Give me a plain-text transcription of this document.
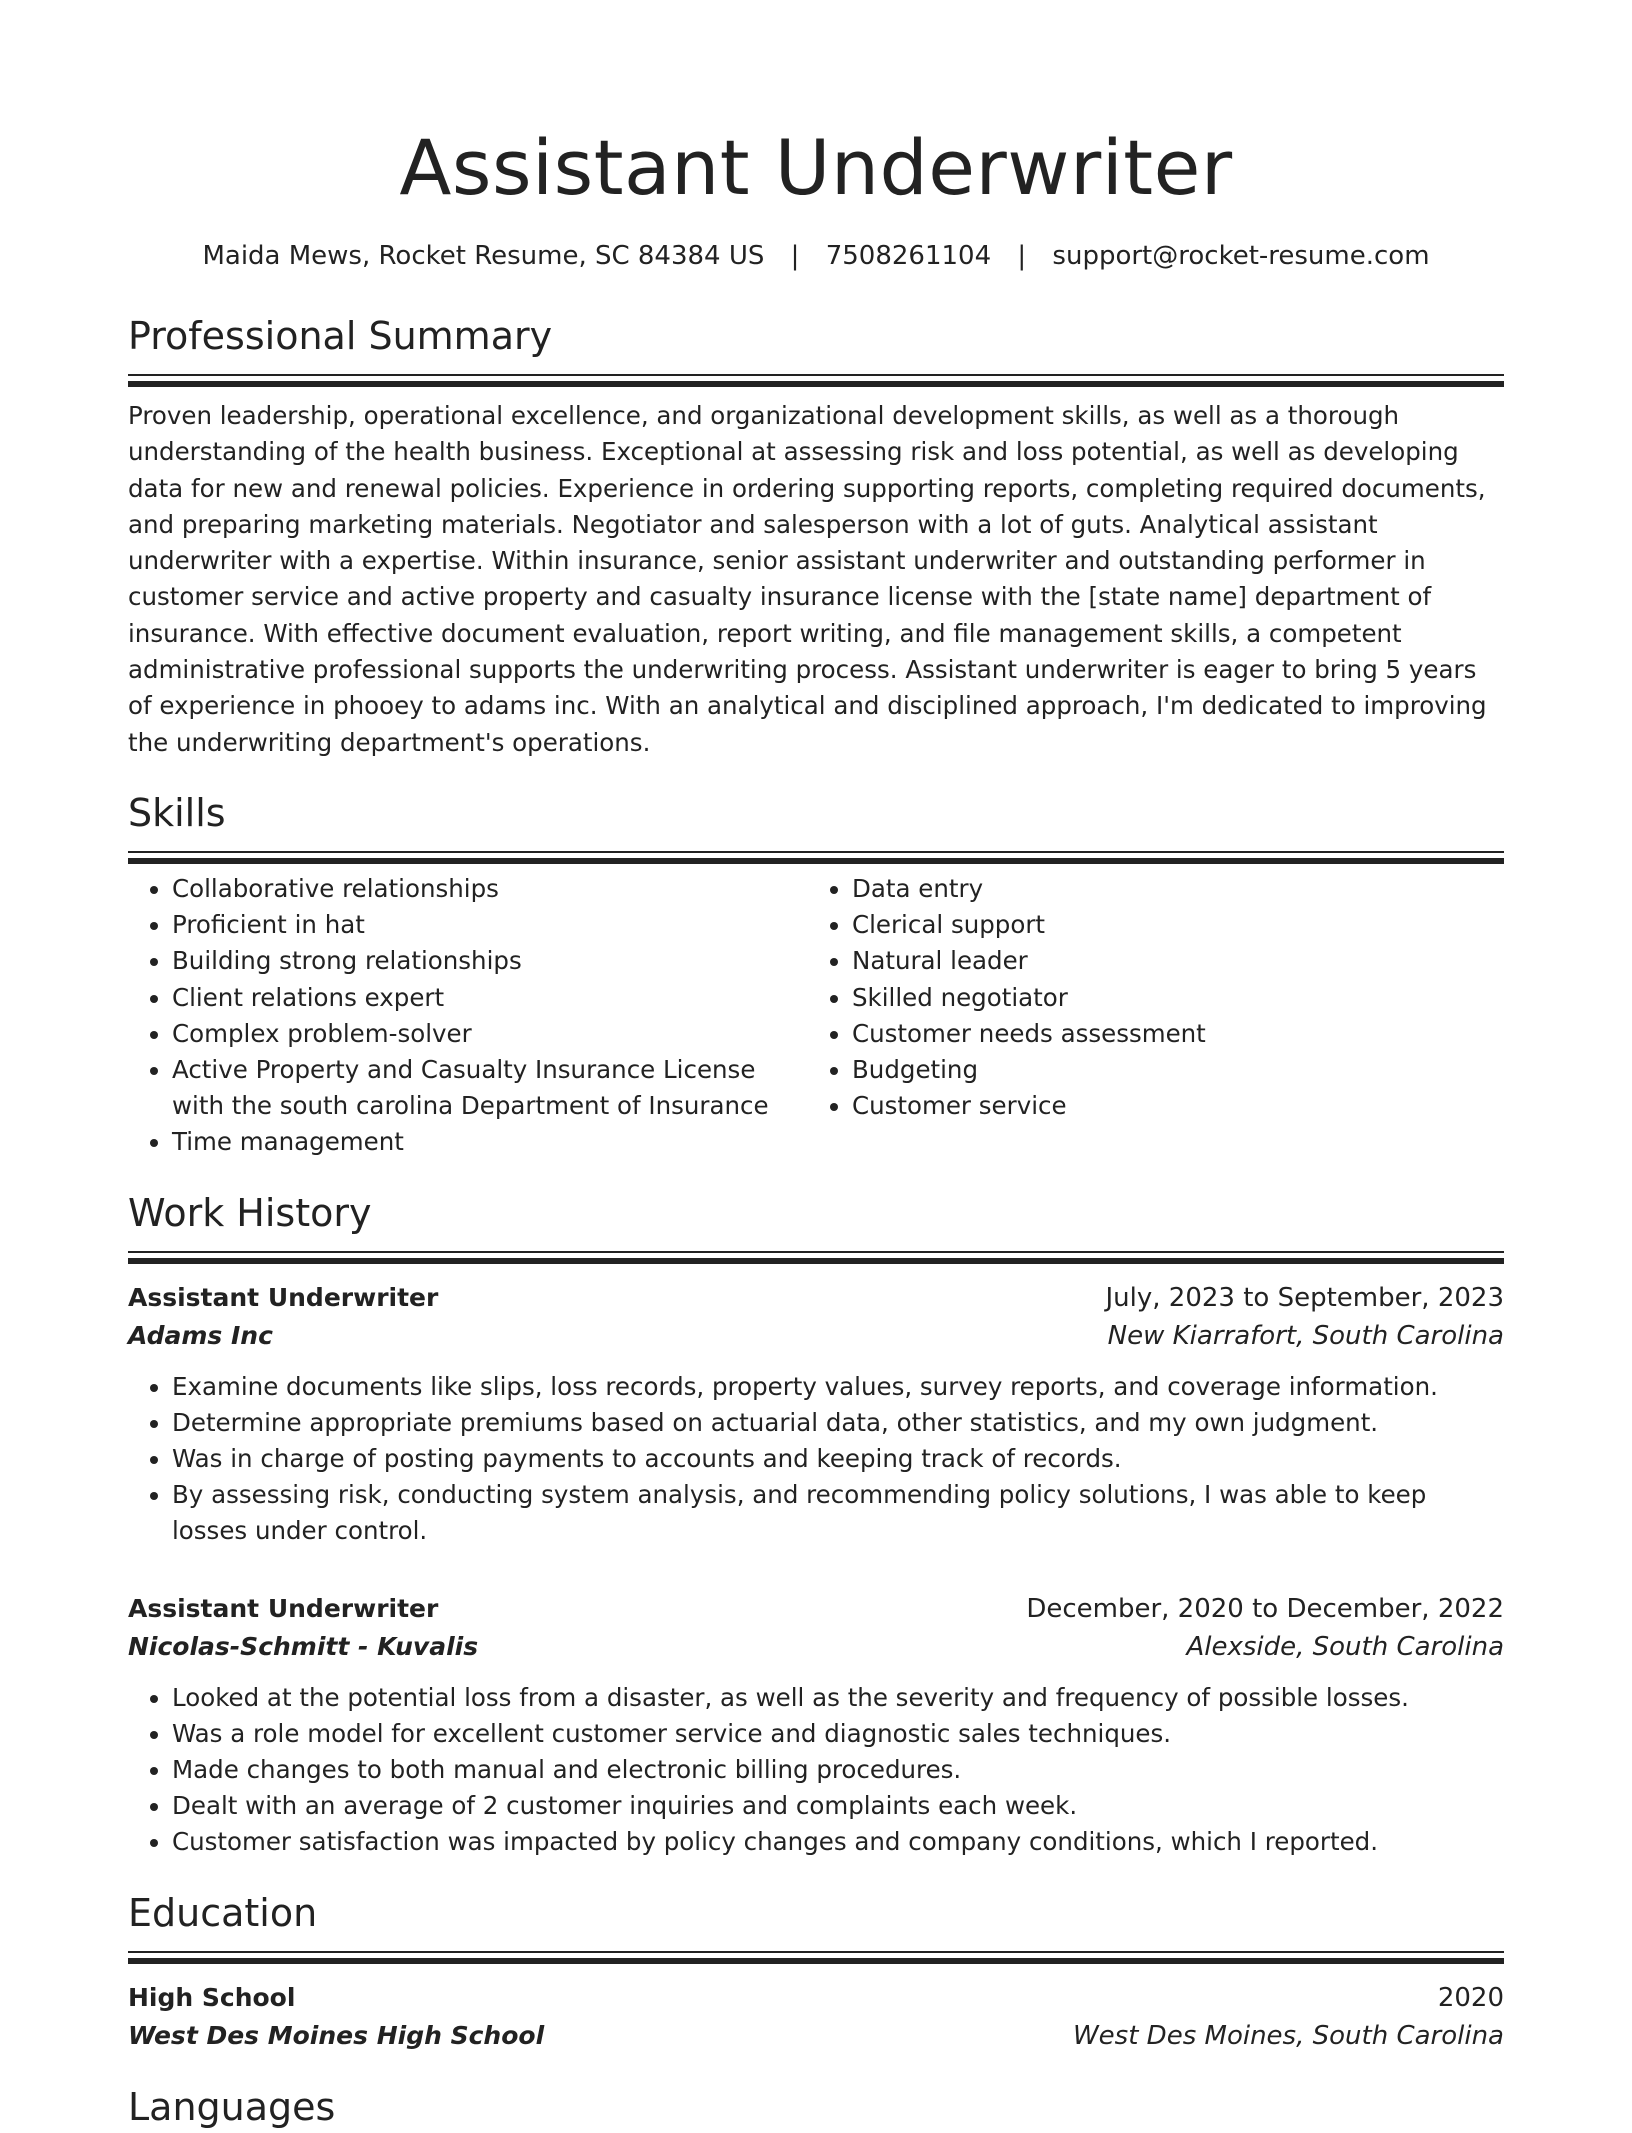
Assistant Underwriter
Maida Mews, Rocket Resume, SC 84384 US | 7508261104 | support@rocket-resume.com
Professional Summary
Proven leadership, operational excellence, and organizational development skills, as well as a thorough understanding of the health business. Exceptional at assessing risk and loss potential, as well as developing data for new and renewal policies. Experience in ordering supporting reports, completing required documents, and preparing marketing materials. Negotiator and salesperson with a lot of guts. Analytical assistant underwriter with a expertise. Within insurance, senior assistant underwriter and outstanding performer in customer service and active property and casualty insurance license with the [state name] department of insurance. With effective document evaluation, report writing, and file management skills, a competent administrative professional supports the underwriting process. Assistant underwriter is eager to bring 5 years of experience in phooey to adams inc. With an analytical and disciplined approach, I'm dedicated to improving the underwriting department's operations.
Skills
• Collaborative relationships
• Proficient in hat
• Building strong relationships
• Client relations expert
• Complex problem-solver
• Active Property and Casualty Insurance License with the south carolina Department of Insurance
• Time management
• Data entry
• Clerical support
• Natural leader
• Skilled negotiator
• Customer needs assessment
• Budgeting
• Customer service
Work History
Assistant Underwriter	July, 2023 to September, 2023
Adams Inc	New Kiarrafort, South Carolina
• Examine documents like slips, loss records, property values, survey reports, and coverage information.
• Determine appropriate premiums based on actuarial data, other statistics, and my own judgment.
• Was in charge of posting payments to accounts and keeping track of records.
• By assessing risk, conducting system analysis, and recommending policy solutions, I was able to keep losses under control.
Assistant Underwriter	December, 2020 to December, 2022
Nicolas-Schmitt - Kuvalis	Alexside, South Carolina
• Looked at the potential loss from a disaster, as well as the severity and frequency of possible losses.
• Was a role model for excellent customer service and diagnostic sales techniques.
• Made changes to both manual and electronic billing procedures.
• Dealt with an average of 2 customer inquiries and complaints each week.
• Customer satisfaction was impacted by policy changes and company conditions, which I reported.
Education
High School	2020
West Des Moines High School	West Des Moines, South Carolina
Languages
